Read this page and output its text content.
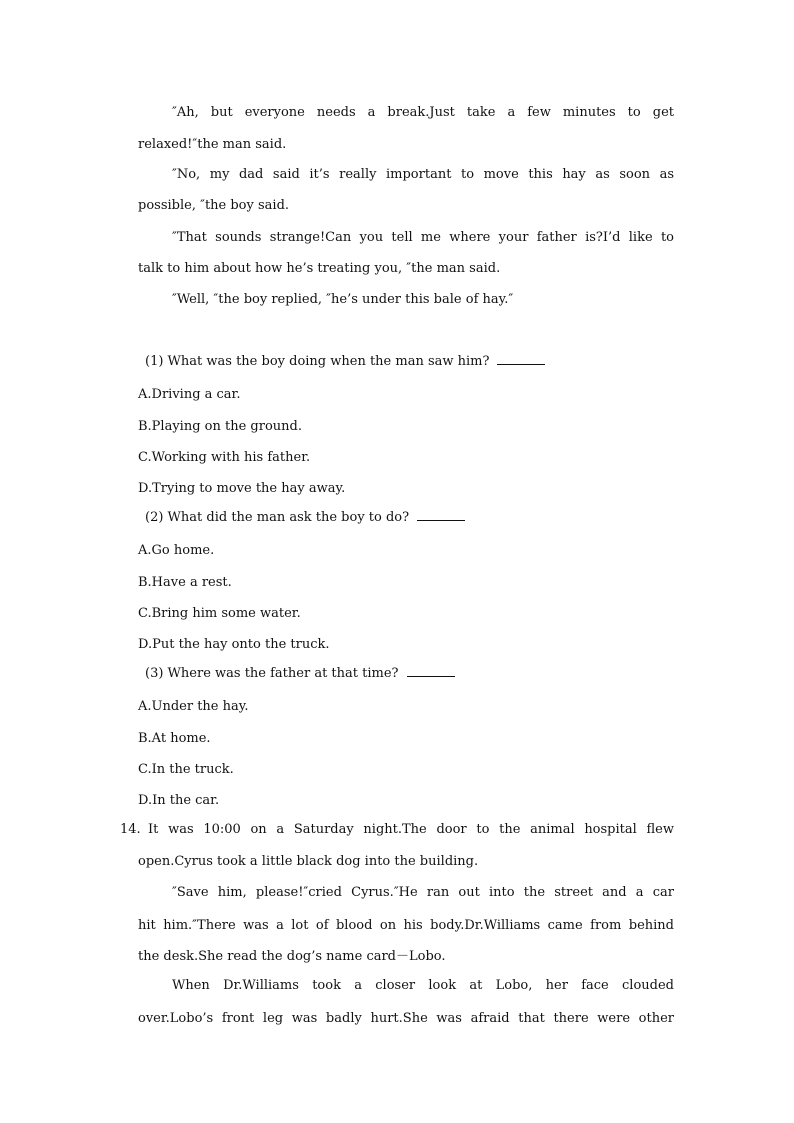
″Ah, but everyone needs a break.Just take a few minutes to get
relaxed!″the man said.
″No, my dad said it’s really important to move this hay as soon as
possible, ″the boy said.
″That sounds strange!Can you tell me where your father is?I’d like to
talk to him about how he’s treating you, ″the man said.
″Well, ″the boy replied, ″he’s under this bale of hay.″
(1) What was the boy doing when the man saw him?
A.Driving a car.
B.Playing on the ground.
C.Working with his father.
D.Trying to move the hay away.
(2) What did the man ask the boy to do?
A.Go home.
B.Have a rest.
C.Bring him some water.
D.Put the hay onto the truck.
(3) Where was the father at that time?
A.Under the hay.
B.At home.
C.In the truck.
D.In the car.
14. It was 10:00 on a Saturday night.The door to the animal hospital flew
open.Cyrus took a little black dog into the building.
″Save him, please!″cried Cyrus.″He ran out into the street and a car
hit him.″There was a lot of blood on his body.Dr.Williams came from behind
the desk.She read the dog’s name card－Lobo.
When Dr.Williams took a closer look at Lobo, her face clouded
over.Lobo’s front leg was badly hurt.She was afraid that there were other
